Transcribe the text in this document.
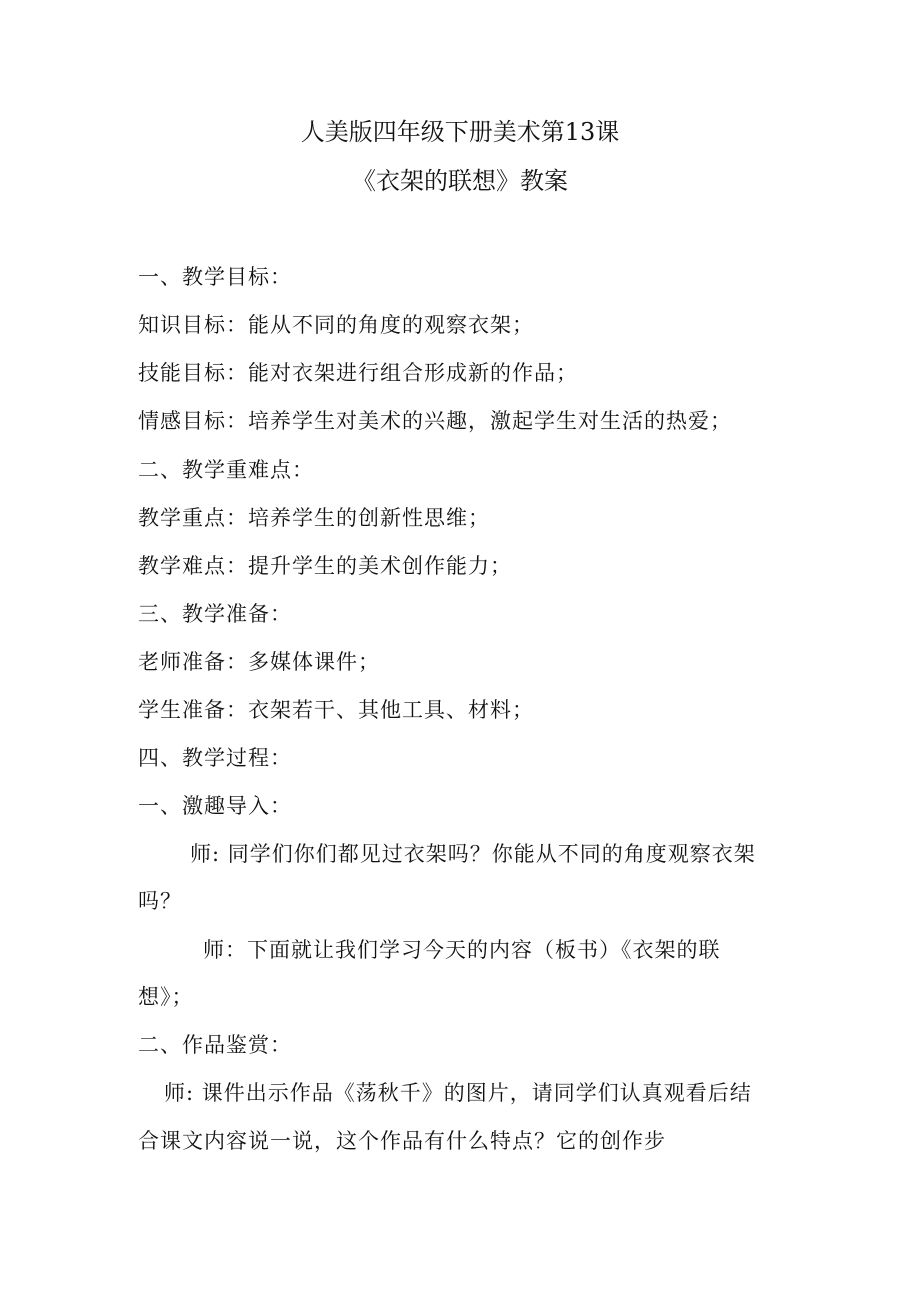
人美版四年级下册美术第13课
《衣架的联想》教案
一、教学目标：
知识目标：能从不同的角度的观察衣架；
技能目标：能对衣架进行组合形成新的作品；
情感目标：培养学生对美术的兴趣，激起学生对生活的热爱；
二、教学重难点：
教学重点：培养学生的创新性思维；
教学难点：提升学生的美术创作能力；
三、教学准备：
老师准备：多媒体课件；
学生准备：衣架若干、其他工具、材料；
四、教学过程：
一、激趣导入：
师: 同学们你们都见过衣架吗？你能从不同的角度观察衣架
吗？
师：下面就让我们学习今天的内容（板书）《衣架的联
想》；
二、作品鉴赏：
师: 课件出示作品《荡秋千》的图片，请同学们认真观看后结
合课文内容说一说，这个作品有什么特点？它的创作步
